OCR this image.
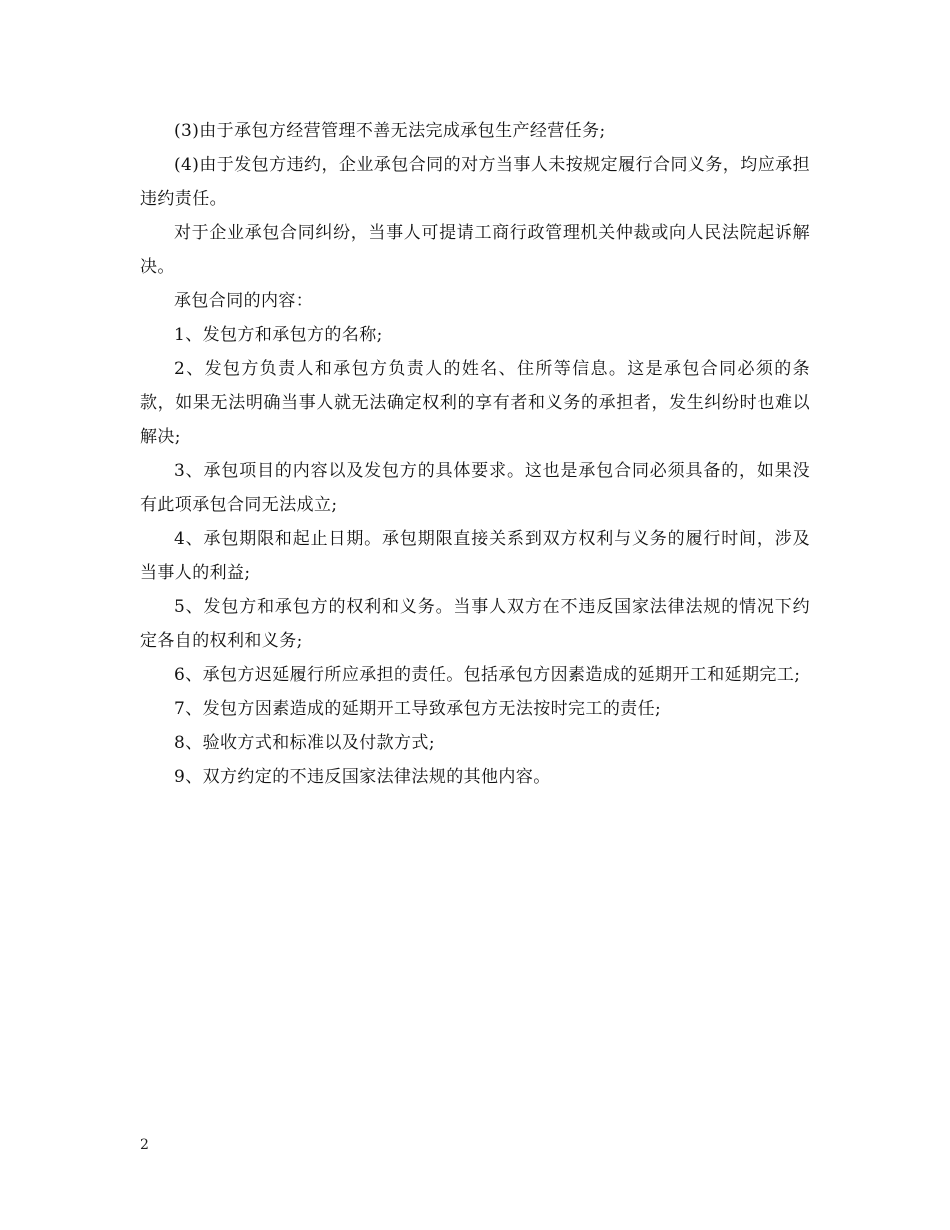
(3)由于承包方经营管理不善无法完成承包生产经营任务;

(4)由于发包方违约，企业承包合同的对方当事人未按规定履行合同义务，均应承担违约责任。

对于企业承包合同纠纷，当事人可提请工商行政管理机关仲裁或向人民法院起诉解决。

承包合同的内容：

1、发包方和承包方的名称;

2、发包方负责人和承包方负责人的姓名、住所等信息。这是承包合同必须的条款，如果无法明确当事人就无法确定权利的享有者和义务的承担者，发生纠纷时也难以解决;

3、承包项目的内容以及发包方的具体要求。这也是承包合同必须具备的，如果没有此项承包合同无法成立;

4、承包期限和起止日期。承包期限直接关系到双方权利与义务的履行时间，涉及当事人的利益;

5、发包方和承包方的权利和义务。当事人双方在不违反国家法律法规的情况下约定各自的权利和义务;

6、承包方迟延履行所应承担的责任。包括承包方因素造成的延期开工和延期完工;

7、发包方因素造成的延期开工导致承包方无法按时完工的责任;

8、验收方式和标准以及付款方式;

9、双方约定的不违反国家法律法规的其他内容。

2
